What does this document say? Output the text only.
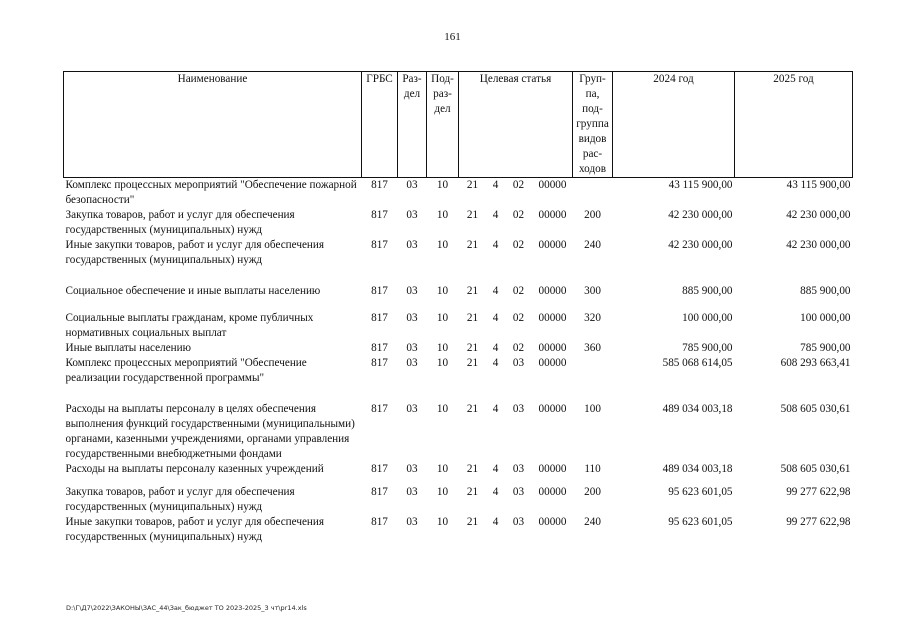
161
Наименование	ГРБС	Раз- дел	Под- раз- дел	Целевая статья				Груп- па, под- группа видов рас- ходов	2024 год	2025 год
Комплекс процессных мероприятий "Обеспечение пожарной безопасности"	817	03	10	21	4	02	00000		43 115 900,00	43 115 900,00
Закупка товаров, работ и услуг для обеспечения государственных (муниципальных) нужд	817	03	10	21	4	02	00000	200	42 230 000,00	42 230 000,00
Иные закупки товаров, работ и услуг для обеспечения государственных (муниципальных) нужд	817	03	10	21	4	02	00000	240	42 230 000,00	42 230 000,00
Социальное обеспечение и иные выплаты населению	817	03	10	21	4	02	00000	300	885 900,00	885 900,00
Социальные выплаты гражданам, кроме публичных нормативных социальных выплат	817	03	10	21	4	02	00000	320	100 000,00	100 000,00
Иные выплаты населению	817	03	10	21	4	02	00000	360	785 900,00	785 900,00
Комплекс процессных мероприятий "Обеспечение реализации государственной программы"	817	03	10	21	4	03	00000		585 068 614,05	608 293 663,41
Расходы на выплаты персоналу в целях обеспечения выполнения функций государственными (муниципальными) органами, казенными учреждениями, органами управления государственными внебюджетными фондами	817	03	10	21	4	03	00000	100	489 034 003,18	508 605 030,61
Расходы на выплаты персоналу казенных учреждений	817	03	10	21	4	03	00000	110	489 034 003,18	508 605 030,61
Закупка товаров, работ и услуг для обеспечения государственных (муниципальных) нужд	817	03	10	21	4	03	00000	200	95 623 601,05	99 277 622,98
Иные закупки товаров, работ и услуг для обеспечения государственных (муниципальных) нужд	817	03	10	21	4	03	00000	240	95 623 601,05	99 277 622,98
D:\Г\Д7\2022\ЗАКОНЫ\ЗАС_44\Зак_бюджет ТО 2023-2025_3 чт\pr14.xls
